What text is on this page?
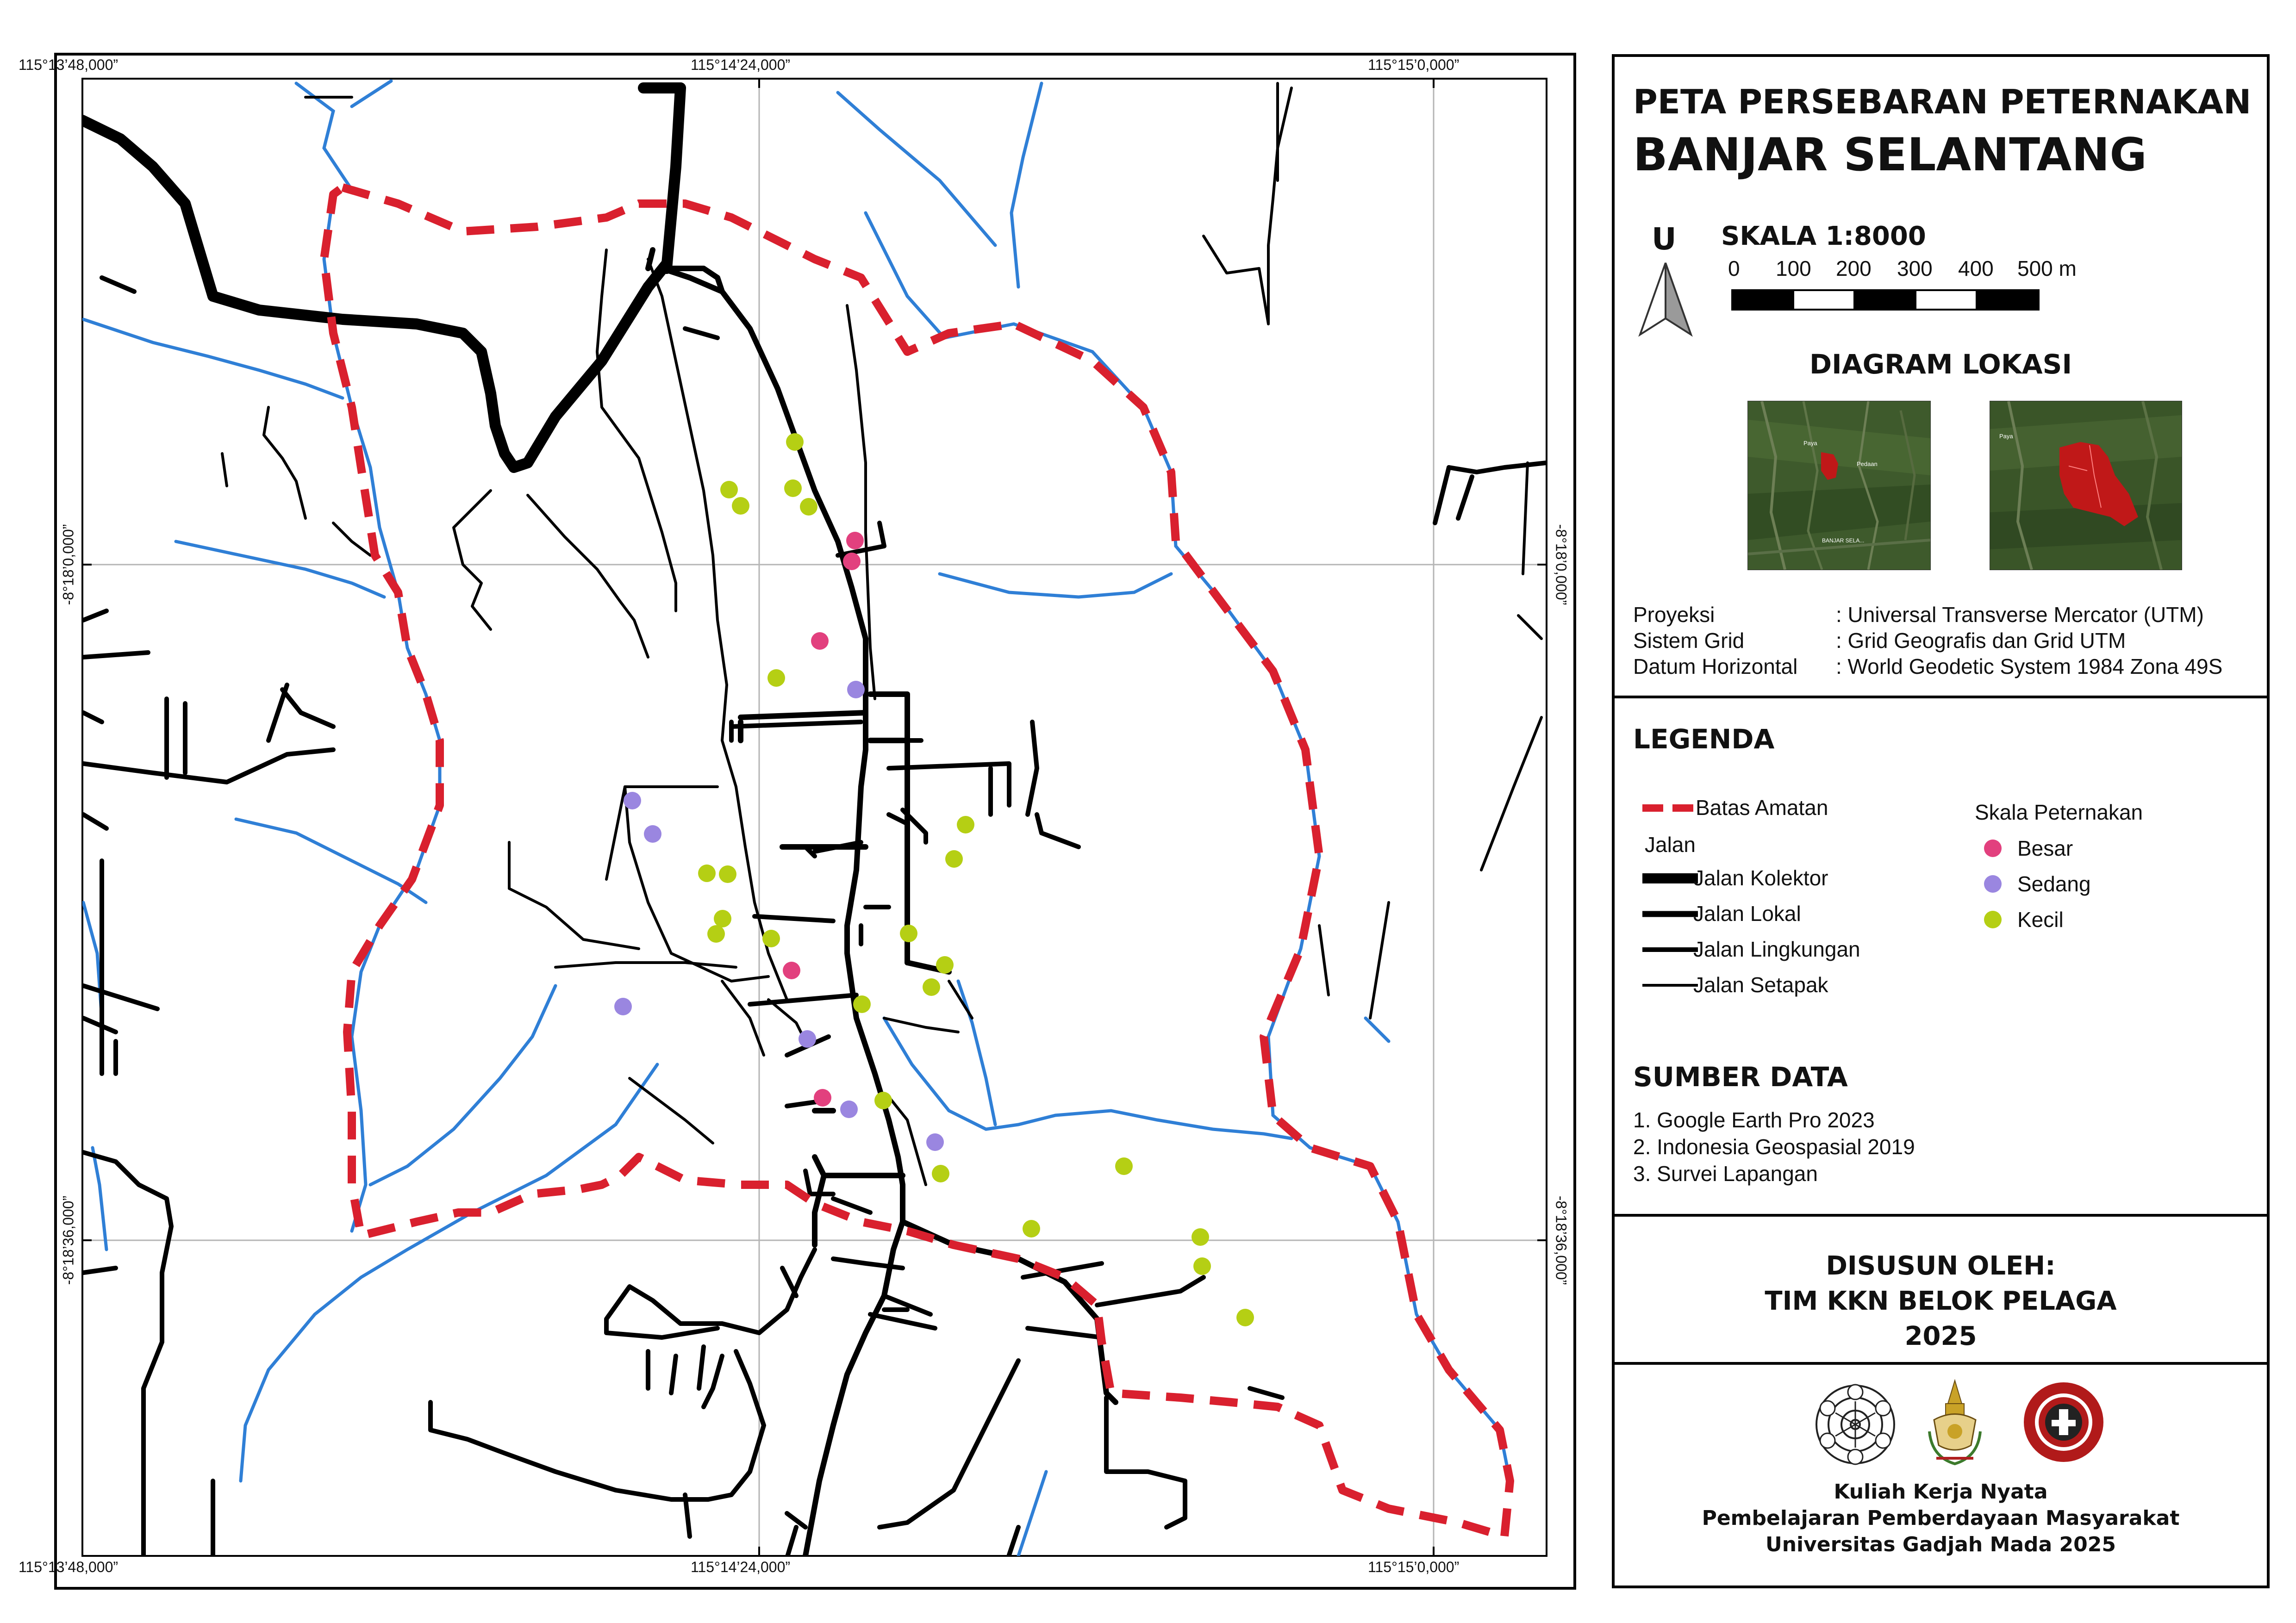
115°13’48,000”	115°14’24,000”	115°15’0,000”
115°13’48,000”	115°14’24,000”	115°15’0,000”
-8°18’0,000”
-8°18’36,000”
-8°18’0,000”
-8°18’36,000”
PETA PERSEBARAN PETERNAKAN
BANJAR SELANTANG
U SKALA 1:8000
0 100 200 300 400 500 m
DIAGRAM LOKASI
Paya
Pedaan
BANJAR SELA...
Paya
Proyeksi	: Universal Transverse Mercator (UTM)
Sistem Grid	: Grid Geografis dan Grid UTM
Datum Horizontal : World Geodetic System 1984 Zona 49S
LEGENDA
Batas Amatan
Jalan
Jalan Kolektor
Jalan Lokal
Jalan Lingkungan
Jalan Setapak
Skala Peternakan
Besar
Sedang
Kecil
SUMBER DATA
1. Google Earth Pro 2023
2. Indonesia Geospasial 2019
3. Survei Lapangan
DISUSUN OLEH:
TIM KKN BELOK PELAGA
2025
Kuliah Kerja Nyata
Pembelajaran Pemberdayaan Masyarakat
Universitas Gadjah Mada 2025
